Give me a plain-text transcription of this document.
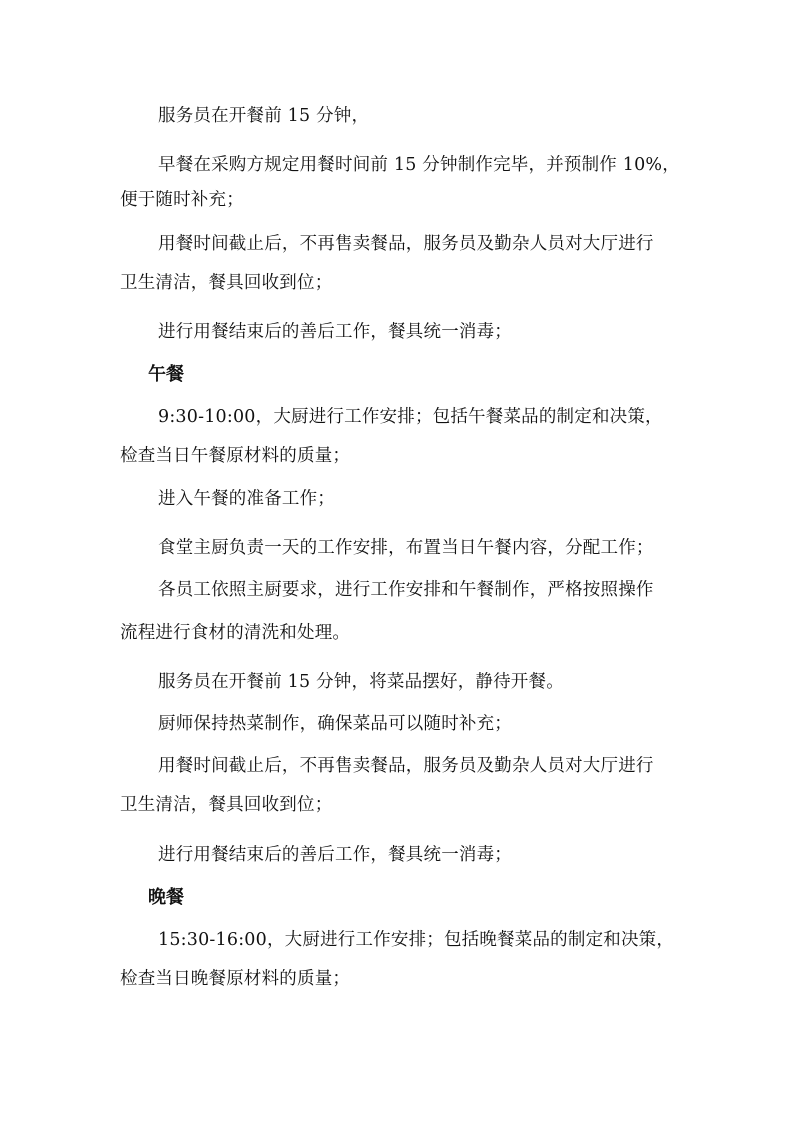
服务员在开餐前 15 分钟，
早餐在采购方规定用餐时间前 15 分钟制作完毕，并预制作 10%，
便于随时补充；
用餐时间截止后，不再售卖餐品，服务员及勤杂人员对大厅进行
卫生清洁，餐具回收到位；
进行用餐结束后的善后工作，餐具统一消毒；
午餐
9:30-10:00，大厨进行工作安排；包括午餐菜品的制定和决策，
检查当日午餐原材料的质量；
进入午餐的准备工作；
食堂主厨负责一天的工作安排，布置当日午餐内容，分配工作；
各员工依照主厨要求，进行工作安排和午餐制作，严格按照操作
流程进行食材的清洗和处理。
服务员在开餐前 15 分钟，将菜品摆好，静待开餐。
厨师保持热菜制作，确保菜品可以随时补充；
用餐时间截止后，不再售卖餐品，服务员及勤杂人员对大厅进行
卫生清洁，餐具回收到位；
进行用餐结束后的善后工作，餐具统一消毒；
晚餐
15:30-16:00，大厨进行工作安排；包括晚餐菜品的制定和决策，
检查当日晚餐原材料的质量；
